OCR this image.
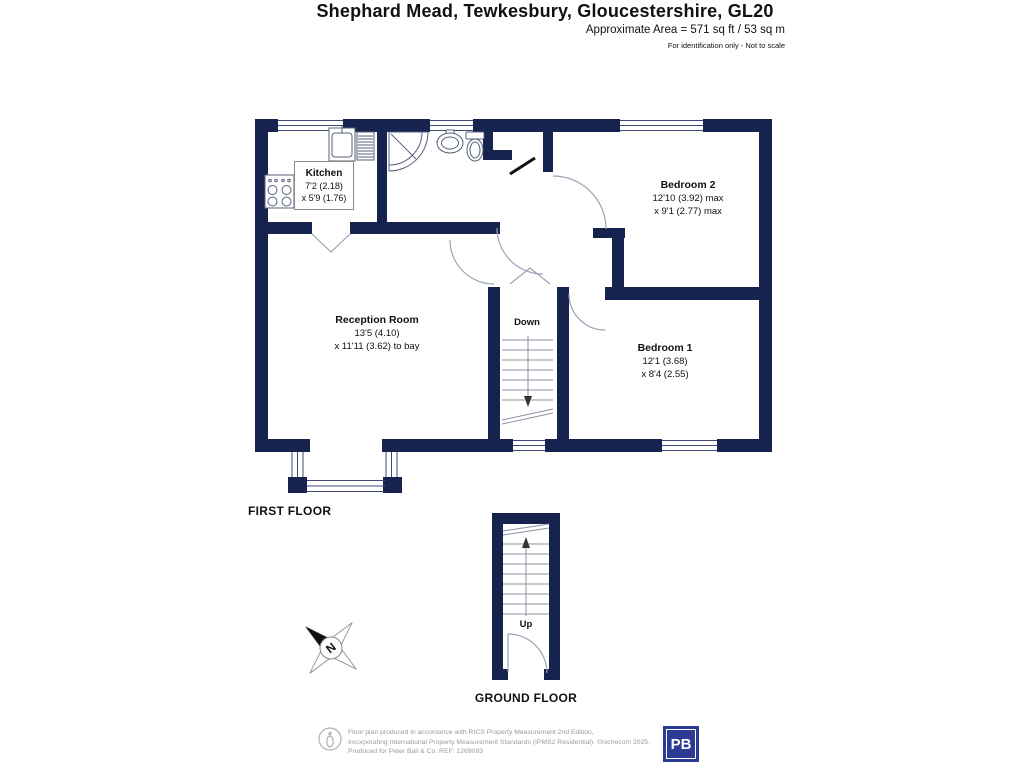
N
Shephard Mead, Tewkesbury, Gloucestershire, GL20
Approximate Area = 571 sq ft / 53 sq m
For identification only - Not to scale
Kitchen
7'2 (2.18)
x 5'9 (1.76)
Reception Room
13'5 (4.10)
x 11'11 (3.62) to bay
Bedroom 2
12'10 (3.92) max
x 9'1 (2.77) max
Bedroom 1
12'1 (3.68)
x 8'4 (2.55)
Down
Up
FIRST FLOOR
GROUND FLOOR
Floor plan produced in accordance with RICS Property Measurement 2nd Edition,
Incorporating International Property Measurement Standards (IPMS2 Residential). ©nichecom 2025.
Produced for Peter Ball & Co. REF: 1269093	PB
